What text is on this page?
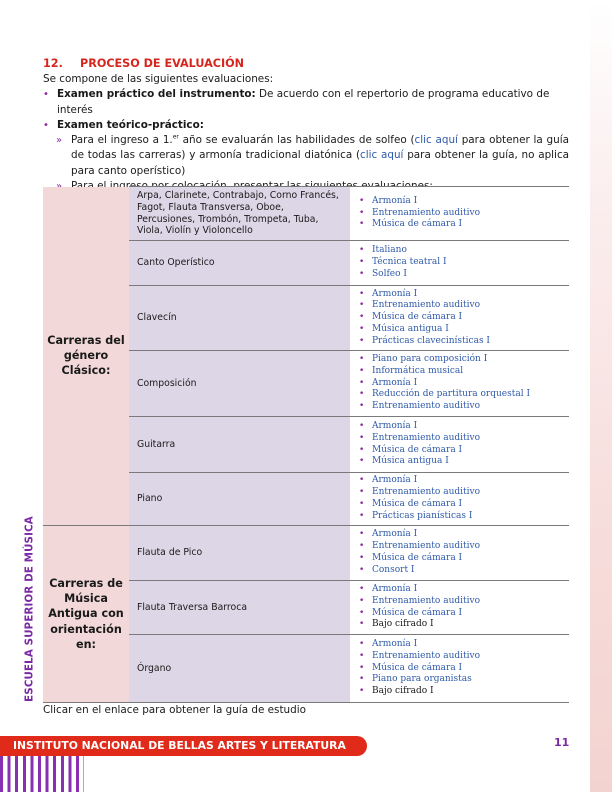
ESCUELA SUPERIOR DE MÚSICA
12.	PROCESO DE EVALUACIÓN
Se compone de las siguientes evaluaciones:
• Examen práctico del instrumento: De acuerdo con el repertorio de programa educativo de interés
• Examen teórico-práctico:
» Para el ingreso a 1.$^{er}$ año se evaluarán las habilidades de solfeo (clic aquí para obtener la guía de todas las carreras) y armonía tradicional diatónica (clic aquí para obtener la guía, no aplica para canto operístico)
»
Carreras del género Clásico:	Arpa, Clarinete, Contrabajo, Corno Francés, Fagot, Flauta Transversa, Oboe, Percusiones, Trombón, Trompeta, Tuba, Viola, Violín y Violoncello	
• Armonía I
• Entrenamiento auditivo
• Música de cámara I

Canto Operístico	
• Italiano
• Técnica teatral I
• Solfeo I

Clavecín	
• Armonía I
• Entrenamiento auditivo
• Música de cámara I
• Música antigua I
• Prácticas clavecinísticas I

Composición	
• Piano para composición I
• Informática musical
• Armonía I
• Reducción de partitura orquestal I
• Entrenamiento auditivo

Guitarra	
• Armonía I
• Entrenamiento auditivo
• Música de cámara I
• Música antigua I

Piano	
• Armonía I
• Entrenamiento auditivo
• Música de cámara I
• Prácticas pianísticas I

Carreras de Música Antigua con orientación en:	Flauta de Pico	
• Armonía I
• Entrenamiento auditivo
• Música de cámara I
• Consort I

Flauta Traversa Barroca	
• Armonía I
• Entrenamiento auditivo
• Música de cámara I
• Bajo cifrado I

Órgano	
• Armonía I
• Entrenamiento auditivo
• Música de cámara I
• Piano para organistas
• Bajo cifrado I
Clicar en el enlace para obtener la guía de estudio
INSTITUTO NACIONAL DE BELLAS ARTES Y LITERATURA	11
